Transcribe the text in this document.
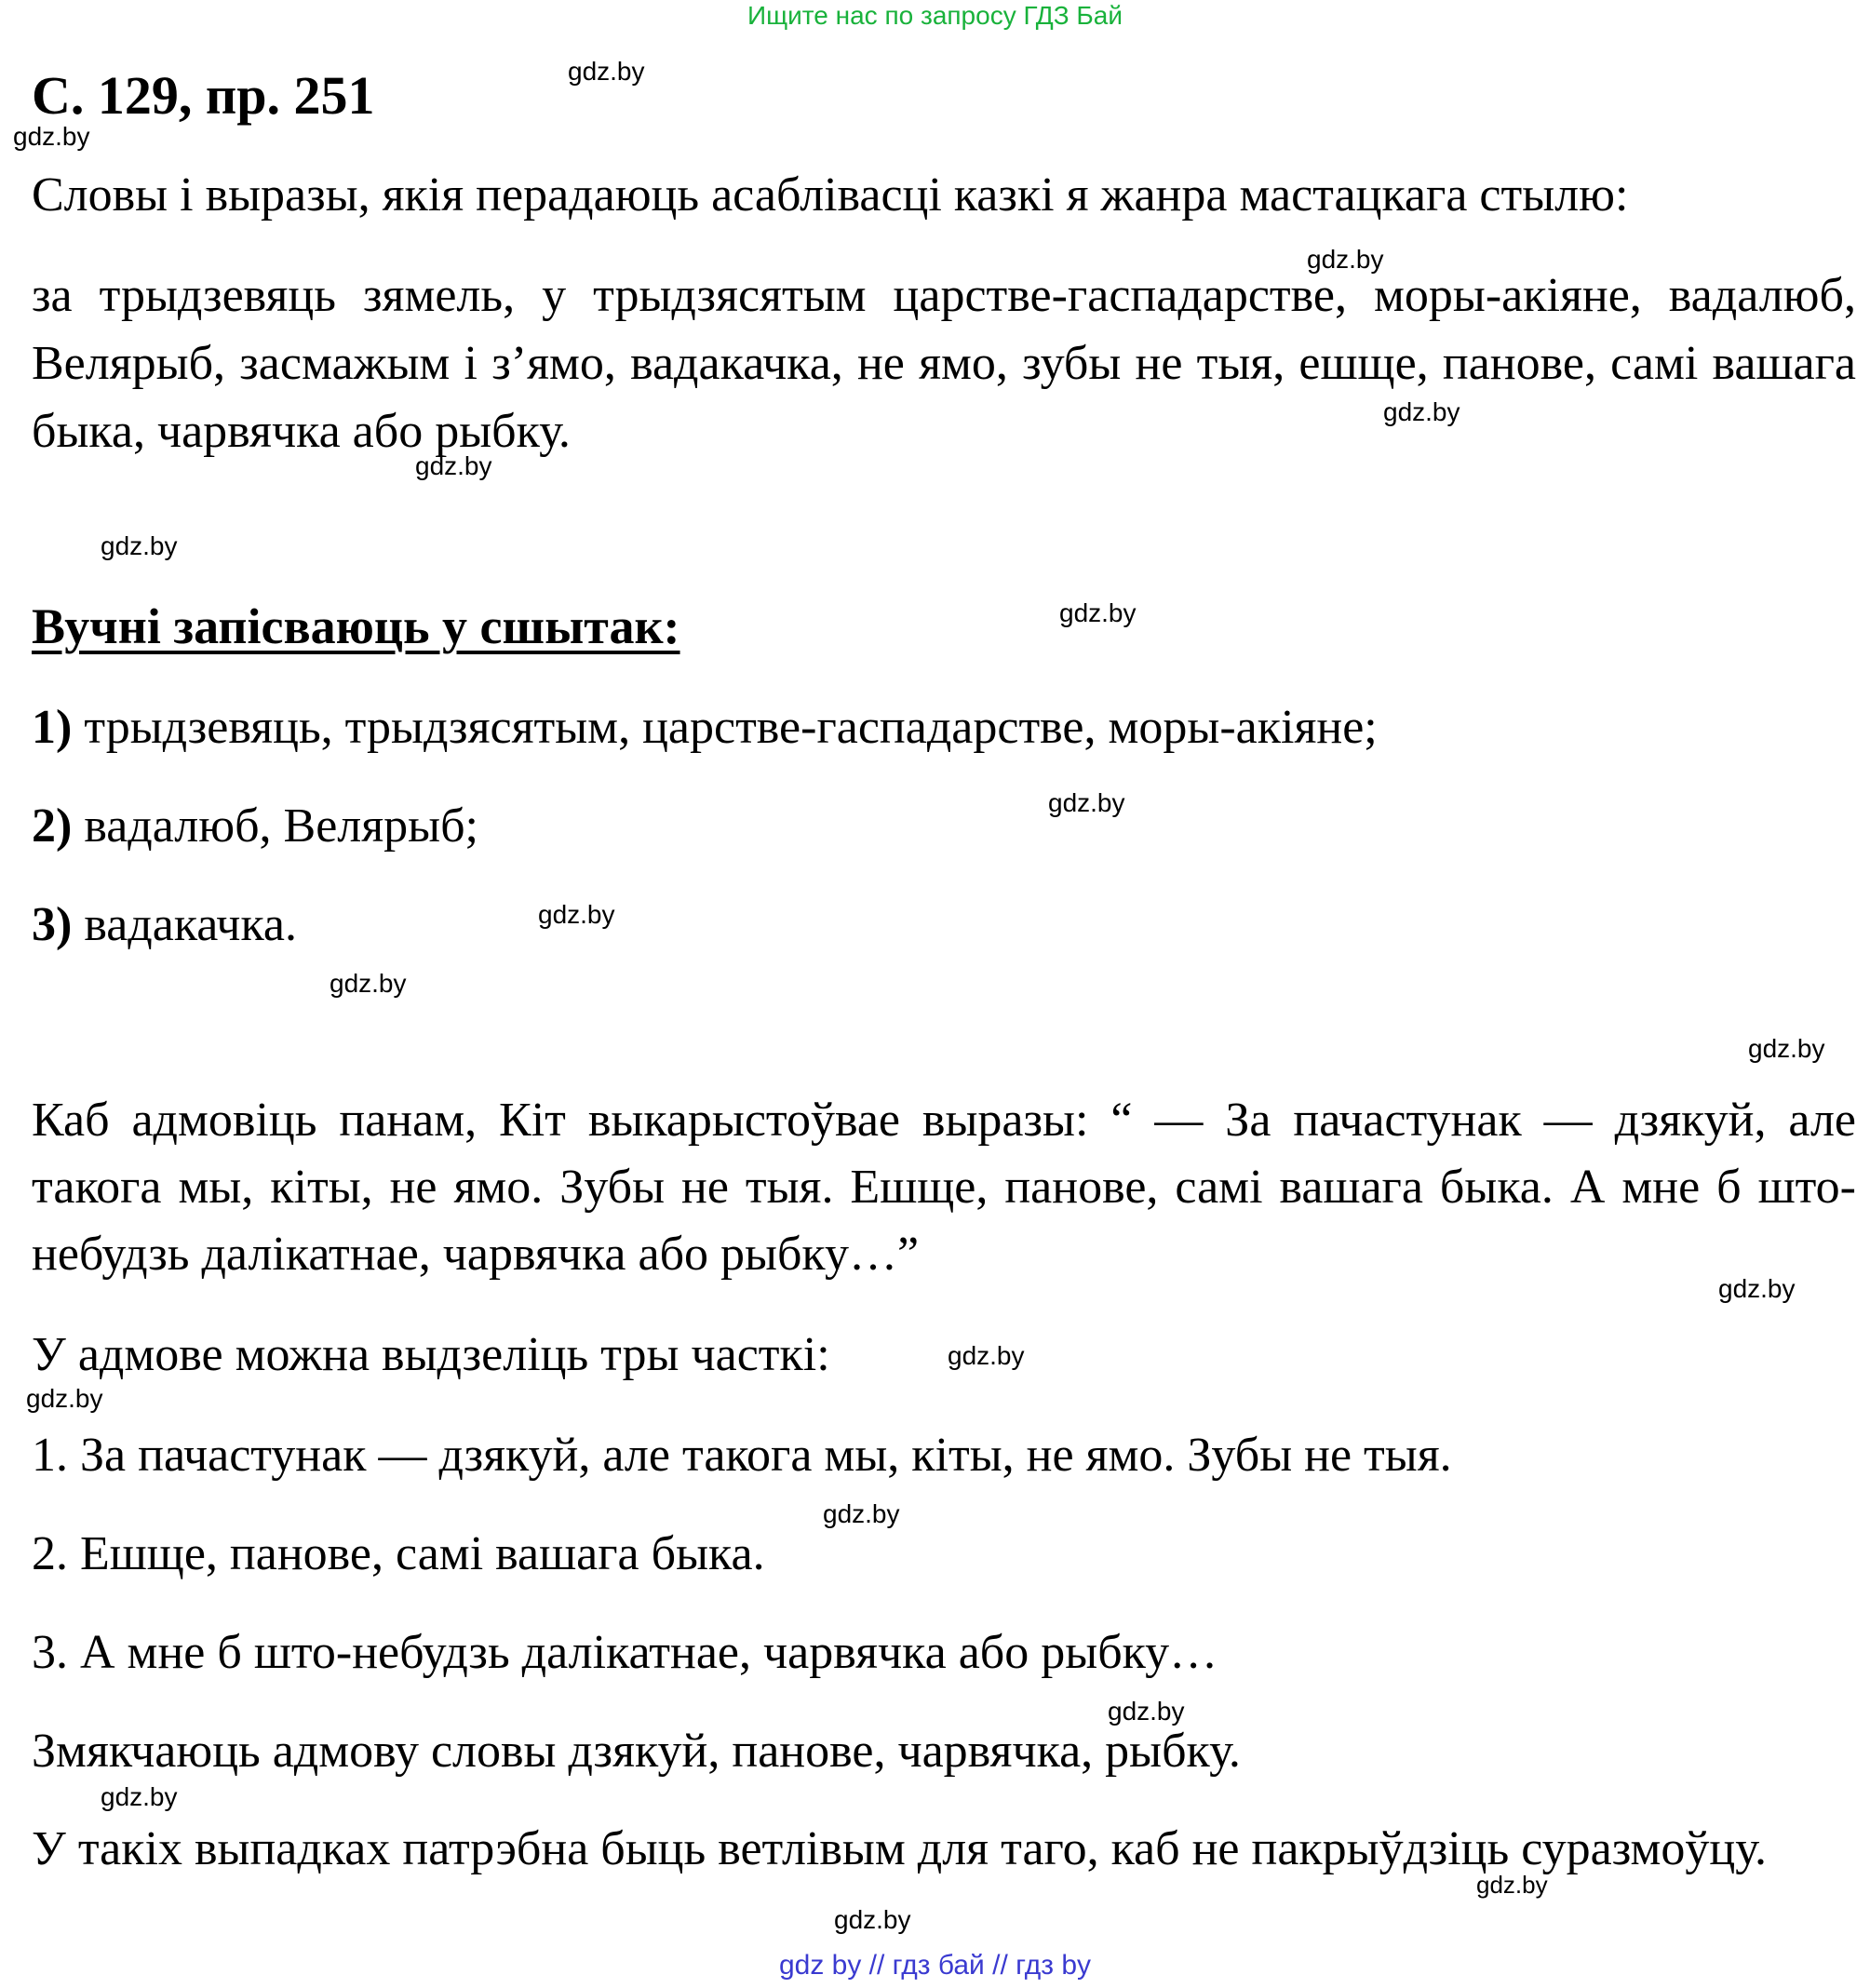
Ищите нас по запросу ГДЗ Бай
С. 129, пр. 251

Словы і выразы, якія перадаюць асаблівасці казкі я жанра мастацкага стылю:

за трыдзевяць зямель, у трыдзясятым царстве-гаспадарстве, моры-акіяне, вадалюб, Велярыб, засмажым і з’ямо, вадакачка, не ямо, зубы не тыя, ешще, панове, самі вашага быка, чарвячка або рыбку.

Вучні запісваюць у сшытак:
1) трыдзевяць, трыдзясятым, царстве-гаспадарстве, моры-акіяне;
2) вадалюб, Велярыб;
3) вадакачка.

Каб адмовіць панам, Кіт выкарыстоўвае выразы: “ — За пачастунак — дзякуй, але такога мы, кіты, не ямо. Зубы не тыя. Ешще, панове, самі вашага быка. А мне б што-небудзь далікатнае, чарвячка або рыбку…”

У адмове можна выдзеліць тры часткі:
1. За пачастунак — дзякуй, але такога мы, кіты, не ямо. Зубы не тыя.
2. Ешще, панове, самі вашага быка.
3. А мне б што-небудзь далікатнае, чарвячка або рыбку…
Змякчаюць адмову словы дзякуй, панове, чарвячка, рыбку.

У такіх выпадках патрэбна быць ветлівым для таго, каб не пакрыўдзіць суразмоўцу.

gdz.by
gdz.by
gdz.by
gdz.by
gdz.by
gdz.by
gdz.by
gdz.by
gdz.by
gdz.by
gdz.by
gdz.by
gdz.by
gdz.by
gdz.by
gdz.by
gdz.by
gdz.by
gdz.by
gdz by // гдз бай // гдз by
